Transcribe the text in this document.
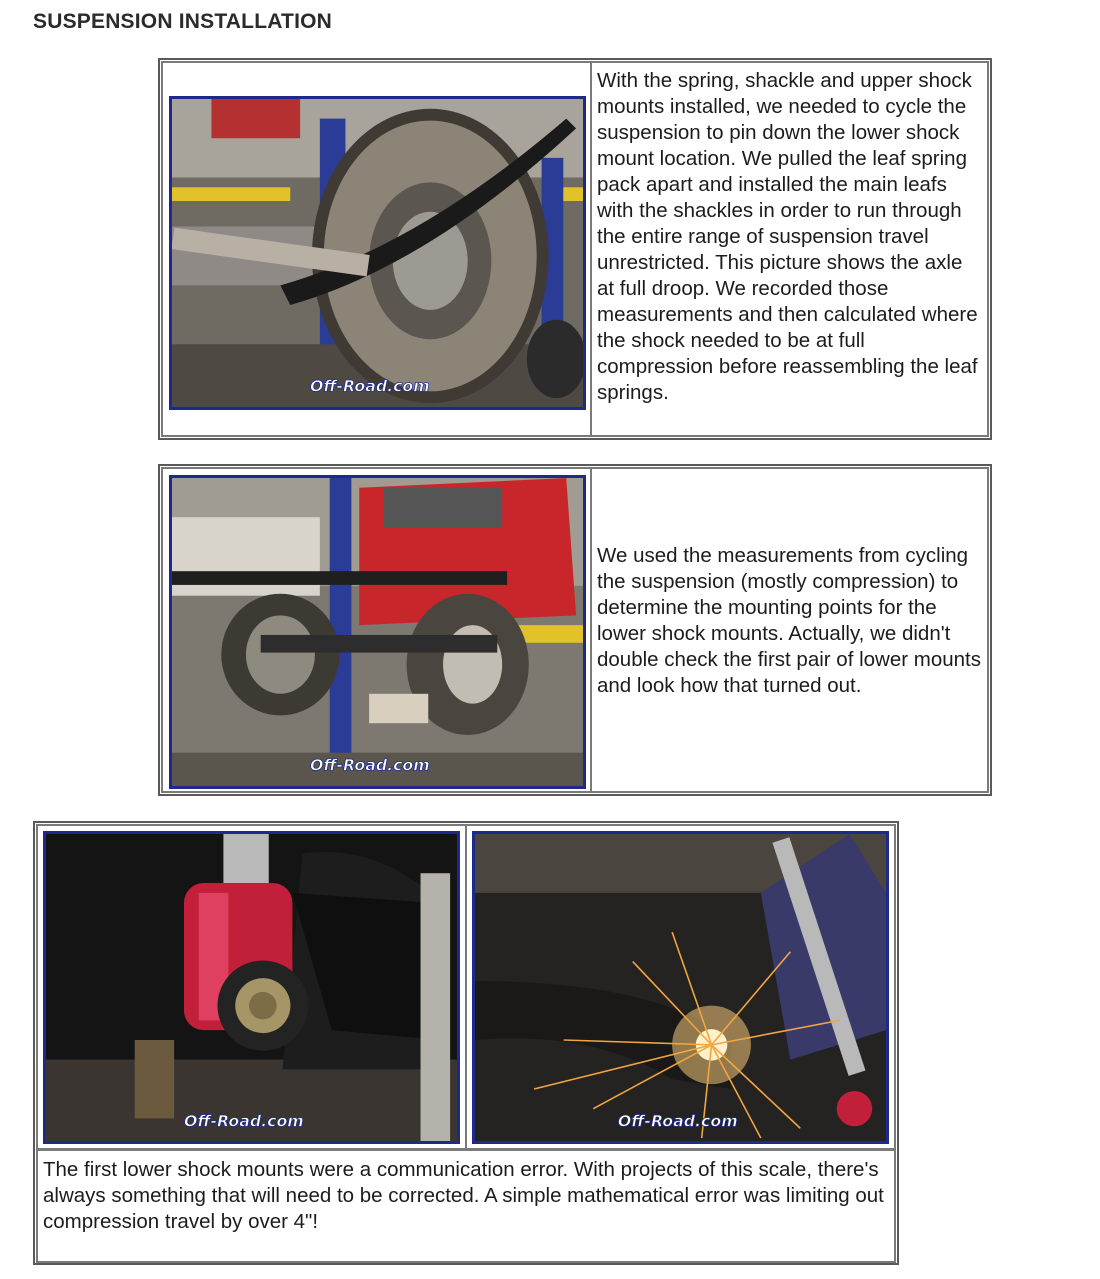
SUSPENSION INSTALLATION
Off-Road.com

With the spring, shackle and upper shock mounts installed, we needed to cycle the suspension to pin down the lower shock mount location. We pulled the leaf spring pack apart and installed the main leafs with the shackles in order to run through the entire range of suspension travel unrestricted. This picture shows the axle at full droop. We recorded those measurements and then calculated where the shock needed to be at full compression before reassembling the leaf springs.

Off-Road.com

We used the measurements from cycling the suspension (mostly compression) to determine the mounting points for the lower shock mounts. Actually, we didn't double check the first pair of lower mounts and look how that turned out.

Off-Road.com	Off-Road.com

The first lower shock mounts were a communication error. With projects of this scale, there's always something that will need to be corrected. A simple mathematical error was limiting out compression travel by over 4"!
